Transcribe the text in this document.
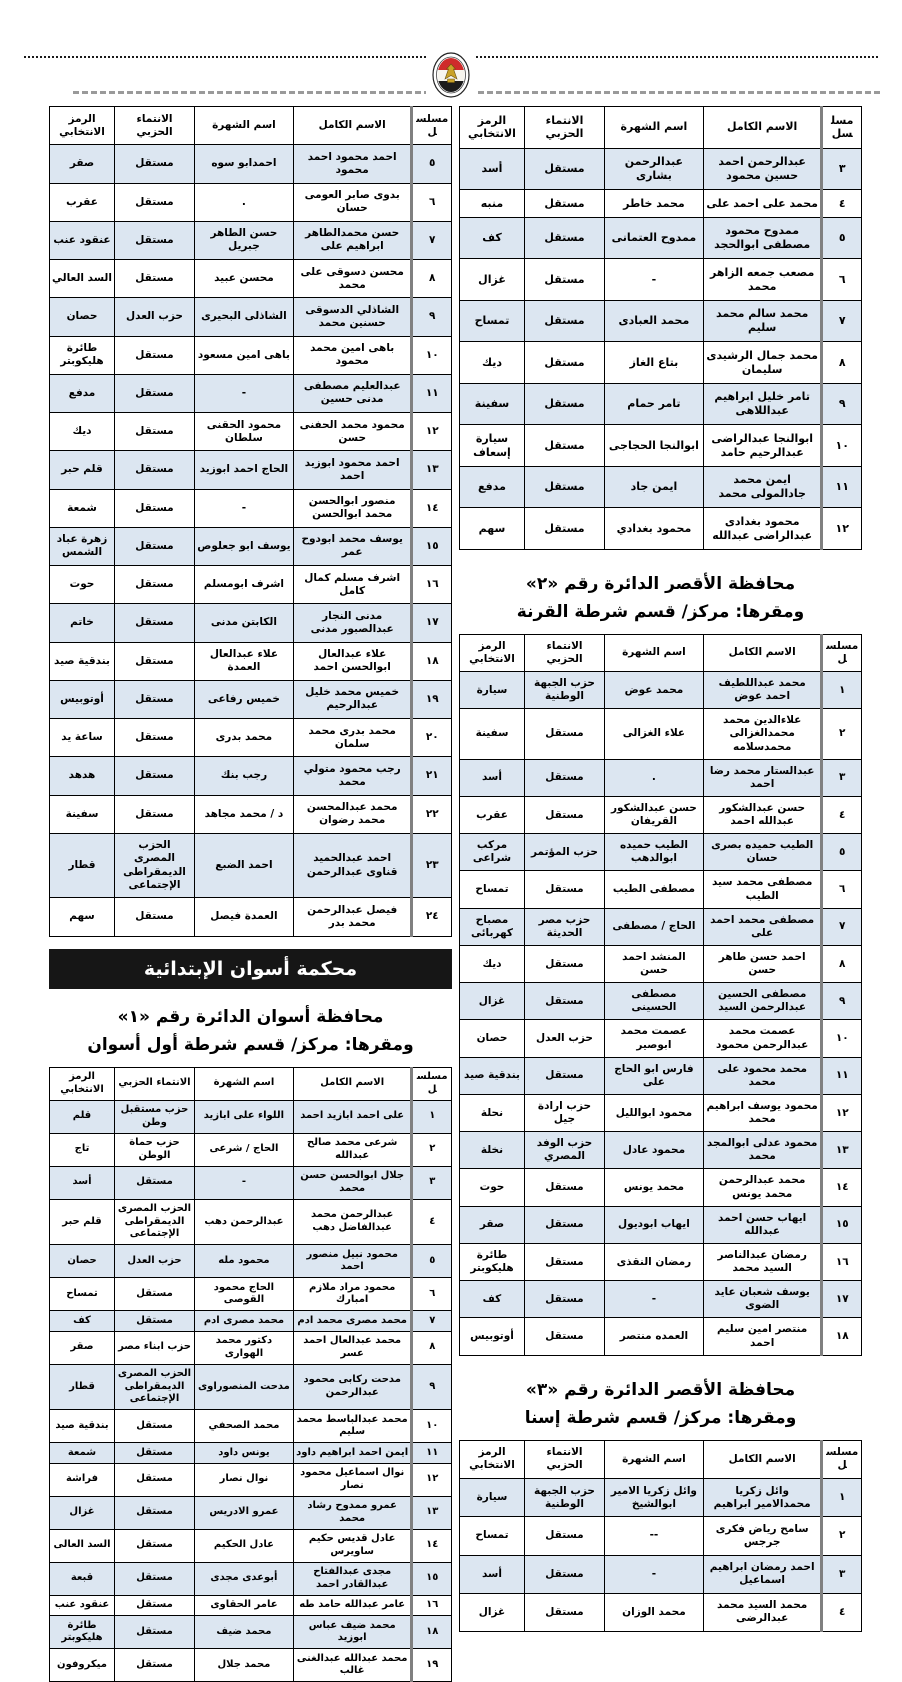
مسلسل	الاسم الكامل	اسم الشهرة	الانتماء الحزبي	الرمز الانتخابي
٣	عبدالرحمن احمد حسين محمود	عبدالرحمن بشارى	مستقل	أسد
٤	محمد على احمد على	محمد خاطر	مستقل	منبه
٥	ممدوح محمود مصطفى ابوالحجد	ممدوح العتمانى	مستقل	كف
٦	مصعب جمعه الزاهر محمد	-	مستقل	غزال
٧	محمد سالم محمد سليم	محمد العبادى	مستقل	تمساح
٨	محمد جمال الرشيدى سليمان	بتاع الغاز	مستقل	ديك
٩	تامر خليل ابراهيم عبداللاهى	تامر حمام	مستقل	سفينة
١٠	ابوالنجا عبدالراضى عبدالرحيم حامد	ابوالنجا الحجاجى	مستقل	سيارة إسعاف
١١	ايمن محمد جادالمولى محمد	ايمن جاد	مستقل	مدفع
١٢	محمود بغدادى عبدالراضى عبدالله	محمود بغدادي	مستقل	سهم
محافظة الأقصر الدائرة رقم «٢»
ومقرها: مركز/ قسم شرطة القرنة
مسلسل	الاسم الكامل	اسم الشهرة	الانتماء الحزبي	الرمز الانتخابي
١	محمد عبداللطيف احمد عوض	محمد عوض	حزب الجبهة الوطنية	سيارة
٢	علاءالدين محمد محمدالغزالى محمدسلامه	علاء الغزالى	مستقل	سفينة
٣	عبدالستار محمد رضا احمد	.	مستقل	أسد
٤	حسن عبدالشكور عبدالله احمد	حسن عبدالشكور القريفان	مستقل	عقرب
٥	الطيب حميده بصرى حسان	الطيب حميده ابوالدهب	حزب المؤتمر	مركب شراعى
٦	مصطفى محمد سيد الطيب	مصطفى الطيب	مستقل	تمساح
٧	مصطفى محمد احمد على	الحاج / مصطفى	حزب مصر الحديثة	مصباح كهربائى
٨	احمد حسن طاهر حسن	المنشد احمد حسن	مستقل	ديك
٩	مصطفى الحسين عبدالرحمن السيد	مصطفى الحسينى	مستقل	غزال
١٠	عصمت محمد عبدالرحمن محمود	عصمت محمد ابوصير	حزب العدل	حصان
١١	محمد محمود على محمد	فارس ابو الحاج على	مستقل	بندقية صيد
١٢	محمود يوسف ابراهيم محمد	محمود ابوالليل	حزب ارادة جيل	نحلة
١٣	محمود عدلى ابوالمجد محمد	محمود عادل	حزب الوفد المصري	نخلة
١٤	محمد عبدالرحمن محمد يونس	محمد يونس	مستقل	حوت
١٥	ايهاب حسن احمد عبدالله	ايهاب ابوديول	مستقل	صقر
١٦	رمضان عبدالناصر السيد محمد	رمضان النقذى	مستقل	طائرة هليكوبتر
١٧	يوسف شعبان عايد الضوى	-	مستقل	كف
١٨	منتصر امين سليم احمد	العمده منتصر	مستقل	أوتوبيس
محافظة الأقصر الدائرة رقم «٣»
ومقرها: مركز/ قسم شرطة إسنا
مسلسل	الاسم الكامل	اسم الشهرة	الانتماء الحزبي	الرمز الانتخابي
١	وائل زكريا محمدالامير ابراهيم	وائل زكريا الامير ابوالشيخ	حزب الجبهة الوطنية	سيارة
٢	سامح رياض فكرى جرجس	--	مستقل	تمساح
٣	احمد رمضان ابراهيم اسماعيل	-	مستقل	أسد
٤	محمد السيد محمد عبدالرضى	محمد الوزان	مستقل	غزال
مسلسل	الاسم الكامل	اسم الشهرة	الانتماء الحزبي	الرمز الانتخابي
٥	احمد محمود احمد محمود	احمدابو سوه	مستقل	صقر
٦	بدوى صابر العومى حسان	.	مستقل	عقرب
٧	حسن محمدالطاهر ابراهيم على	حسن الطاهر جبريل	مستقل	عنقود عنب
٨	محسن دسوقى على محمد	محسن عبيد	مستقل	السد العالي
٩	الشاذلي الدسوقى حسنين محمد	الشاذلى البحيرى	حزب العدل	حصان
١٠	باهى امين محمد محمود	باهى امين مسعود	مستقل	طائرة هليكوبتر
١١	عبدالعليم مصطفى مدنى حسين	-	مستقل	مدفع
١٢	محمود محمد الحفنى حسن	محمود الحقنى سلطان	مستقل	ديك
١٣	احمد محمود ابوزيد احمد	الحاج احمد ابوزيد	مستقل	قلم حبر
١٤	منصور ابوالحسن محمد ابوالحسن	-	مستقل	شمعة
١٥	يوسف محمد ابودوح عمر	يوسف ابو جعلوص	مستقل	زهرة عباد الشمس
١٦	اشرف مسلم كمال كامل	اشرف ابومسلم	مستقل	حوت
١٧	مدنى النجار عبدالصبور مدنى	الكابتن مدنى	مستقل	خاتم
١٨	علاء عبدالعال ابوالحسن احمد	علاء عبدالعال العمدة	مستقل	بندقية صيد
١٩	خميس محمد خليل عبدالرحيم	خميس رفاعى	مستقل	أوتوبيس
٢٠	محمد بدرى محمد سلمان	محمد بدرى	مستقل	ساعة يد
٢١	رجب محمود متولي محمد	رجب بنك	مستقل	هدهد
٢٢	محمد عبدالمحسن محمد رضوان	د / محمد مجاهد	مستقل	سفينة
٢٣	احمد عبدالحميد قناوى عبدالرحمن	احمد الضبع	الحزب المصرى الديمقراطى الإجتماعى	قطار
٢٤	فيصل عبدالرحمن محمد بدر	العمدة فيصل	مستقل	سهم
محكمة أسوان الإبتدائية
محافظة أسوان الدائرة رقم «١»
ومقرها: مركز/ قسم شرطة أول أسوان
مسلسل	الاسم الكامل	اسم الشهرة	الانتماء الحزبي	الرمز الانتخابي
١	على احمد ابازيد احمد	اللواء على ابازيد	حزب مستقبل وطن	قلم
٢	شرعى محمد صالح عبدالله	الحاج / شرعى	حزب حماة الوطن	تاج
٣	جلال ابوالحسن حسن محمد	-	مستقل	أسد
٤	عبدالرحمن محمد عبدالفاضل دهب	عبدالرحمن دهب	الحزب المصرى الديمقراطى الإجتماعى	قلم حبر
٥	محمود نبيل منصور احمد	محمود مله	حزب العدل	حصان
٦	محمود مراد ملازم امبارك	الحاج محمود القوصى	مستقل	تمساح
٧	محمد مصرى محمد ادم	محمد مصرى ادم	مستقل	كف
٨	محمد عبدالعال احمد عسر	دكتور محمد الهوارى	حزب ابناء مصر	صقر
٩	مدحت ركابى محمود عبدالرحمن	مدحت المنصوراوى	الحزب المصرى الديمقراطى الإجتماعى	قطار
١٠	محمد عبدالباسط محمد سليم	محمد الصحفي	مستقل	بندقية صيد
١١	ايمن احمد ابراهيم داود	يونس داود	مستقل	شمعة
١٢	نوال اسماعيل محمود نصار	نوال نصار	مستقل	فراشة
١٣	عمرو ممدوح رشاد محمد	عمرو الادريس	مستقل	غزال
١٤	عادل قديس حكيم ساويرس	عادل الحكيم	مستقل	السد العالى
١٥	مجدى عبدالفتاح عبدالقادر احمد	أبوعدى مجدى	مستقل	قبعة
١٦	عامر عبدالله حامد طه	عامر الحقاوى	مستقل	عنقود عنب
١٨	محمد ضيف عباس ابوزيد	محمد ضيف	مستقل	طائرة هليكوبتر
١٩	محمد عبدالله عبدالغنى غالب	محمد جلال	مستقل	ميكروفون
